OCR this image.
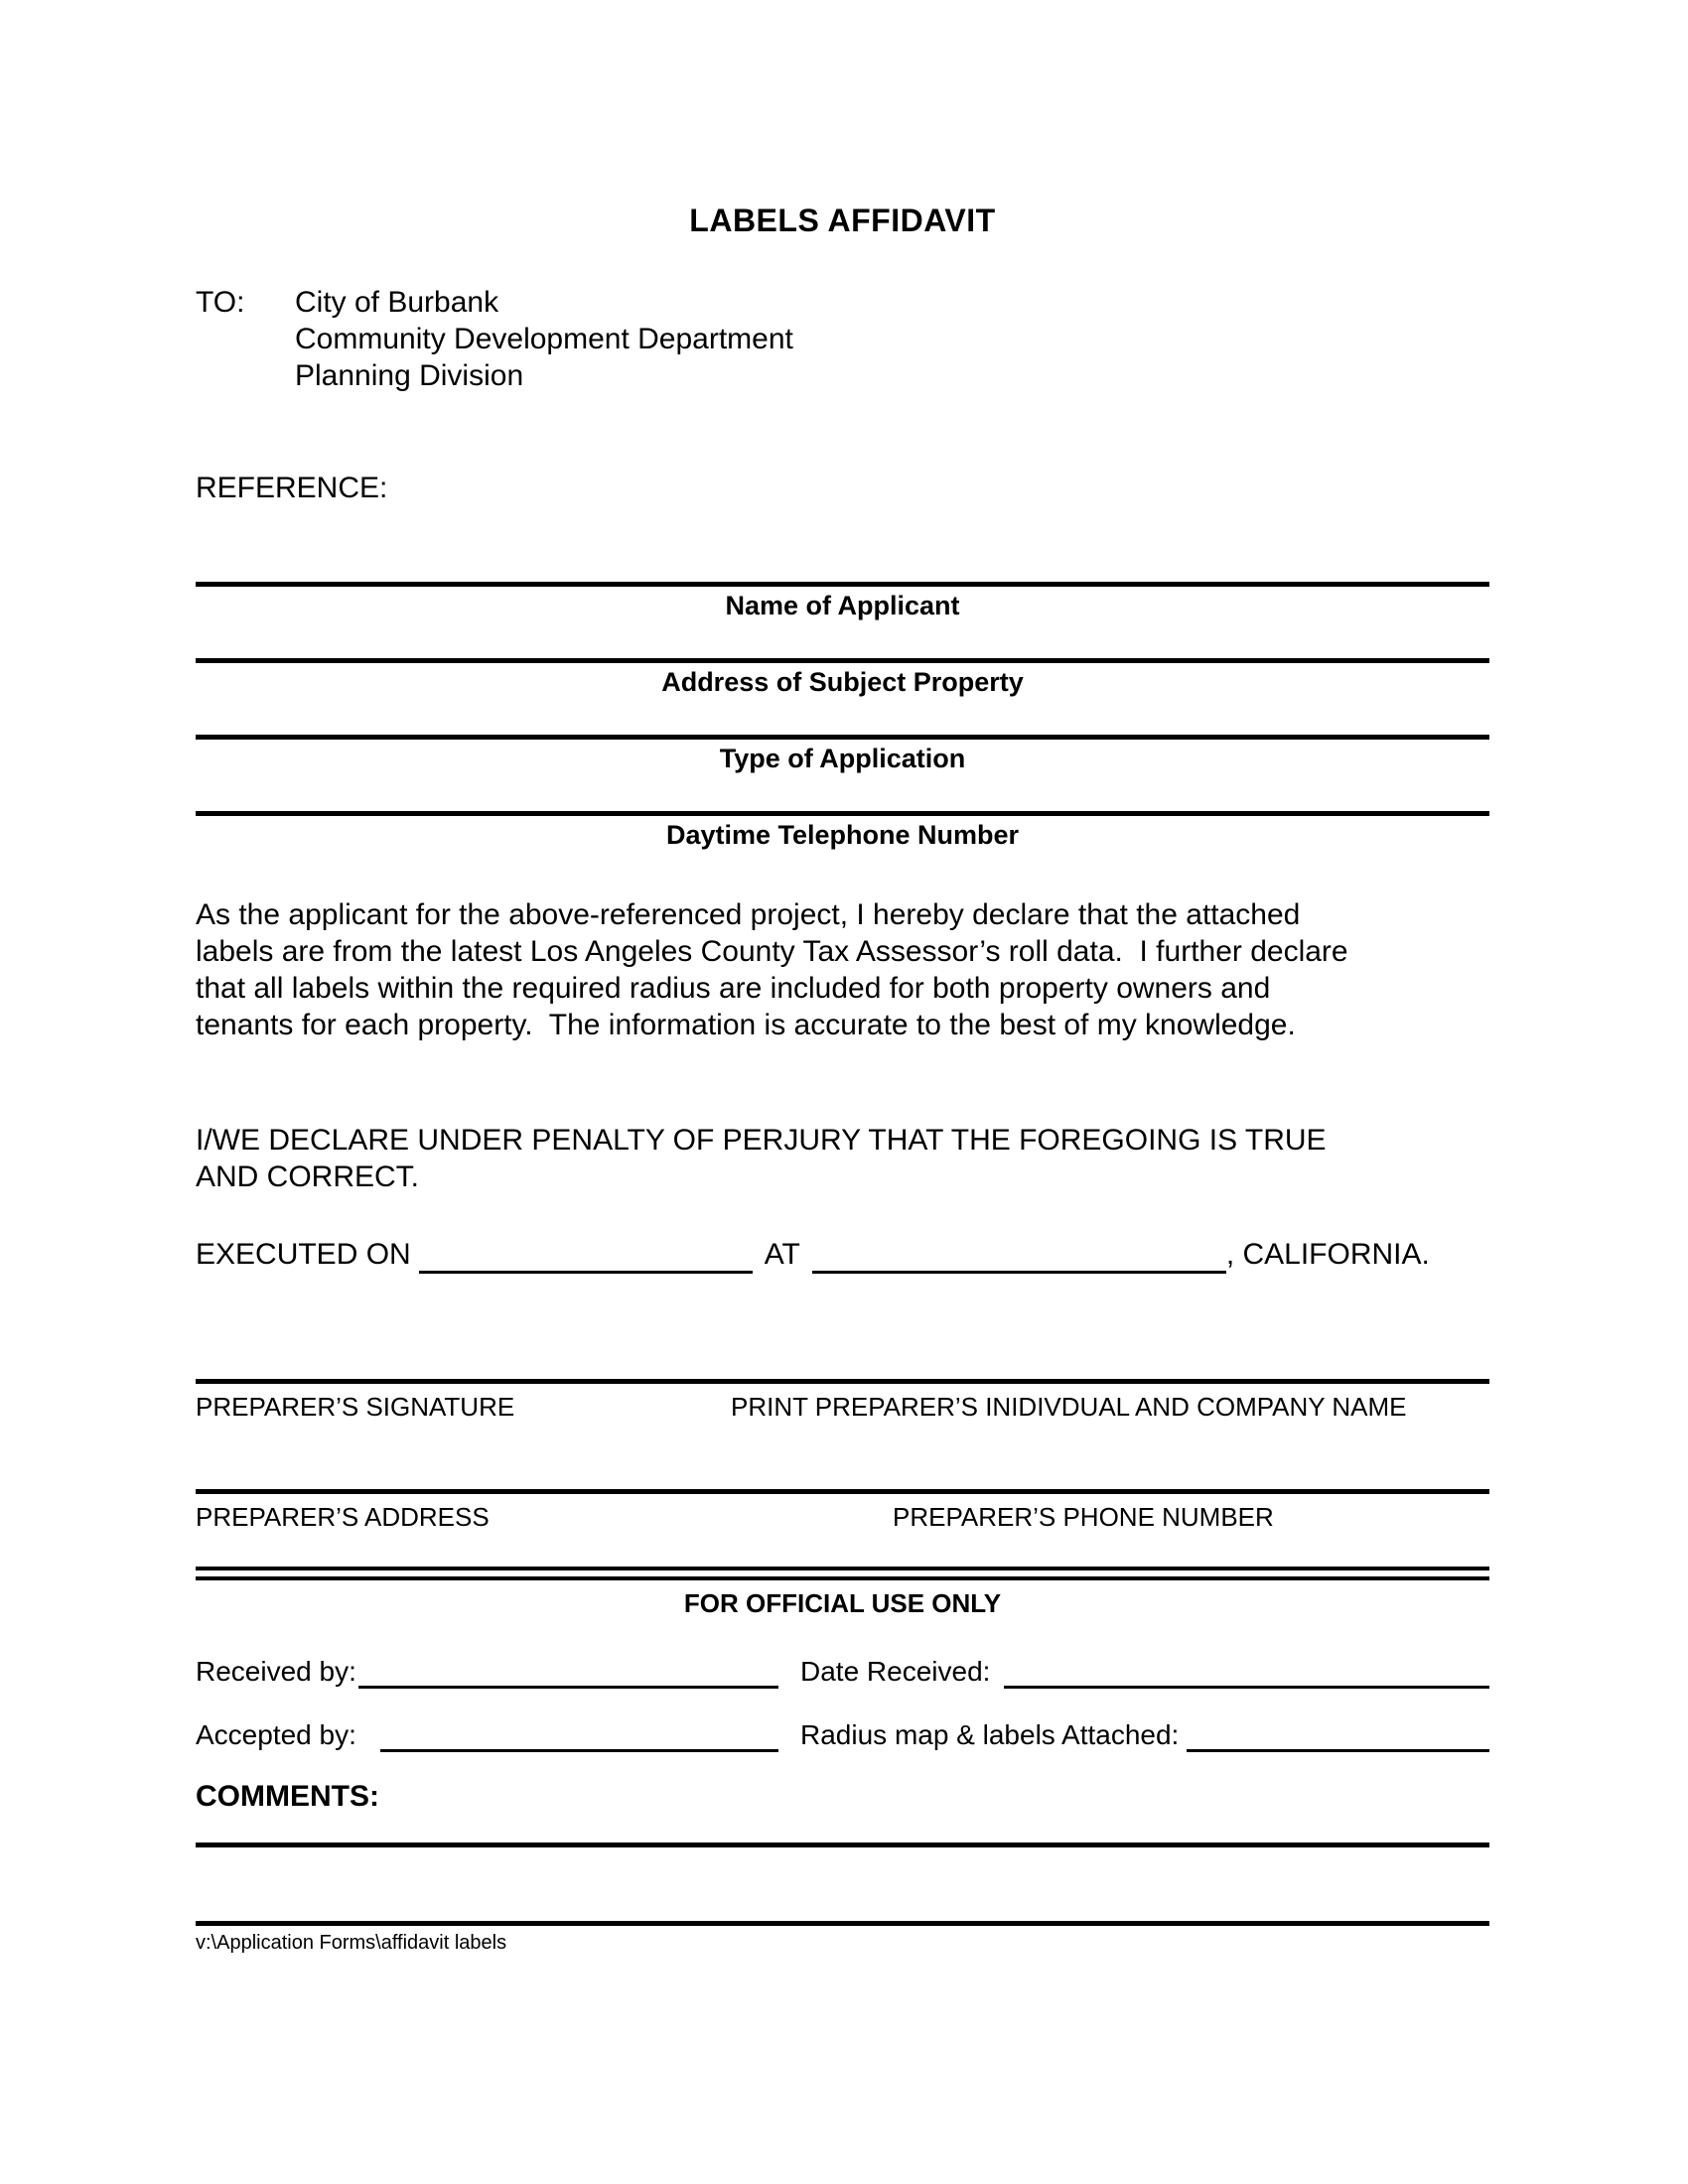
LABELS AFFIDAVIT
TO:	City of Burbank
Community Development Department
Planning Division
REFERENCE:
Name of Applicant
Address of Subject Property
Type of Application
Daytime Telephone Number
As the applicant for the above-referenced project, I hereby declare that the attached
labels are from the latest Los Angeles County Tax Assessor’s roll data.  I further declare
that all labels within the required radius are included for both property owners and
tenants for each property.  The information is accurate to the best of my knowledge.
I/WE DECLARE UNDER PENALTY OF PERJURY THAT THE FOREGOING IS TRUE
AND CORRECT.
EXECUTED ON	AT	, CALIFORNIA.
PREPARER’S SIGNATURE	PRINT PREPARER’S INIDIVDUAL AND COMPANY NAME
PREPARER’S ADDRESS	PREPARER’S PHONE NUMBER
FOR OFFICIAL USE ONLY
Received by:	Date Received:
Accepted by:	Radius map & labels Attached:
COMMENTS:
v:\Application Forms\affidavit labels
